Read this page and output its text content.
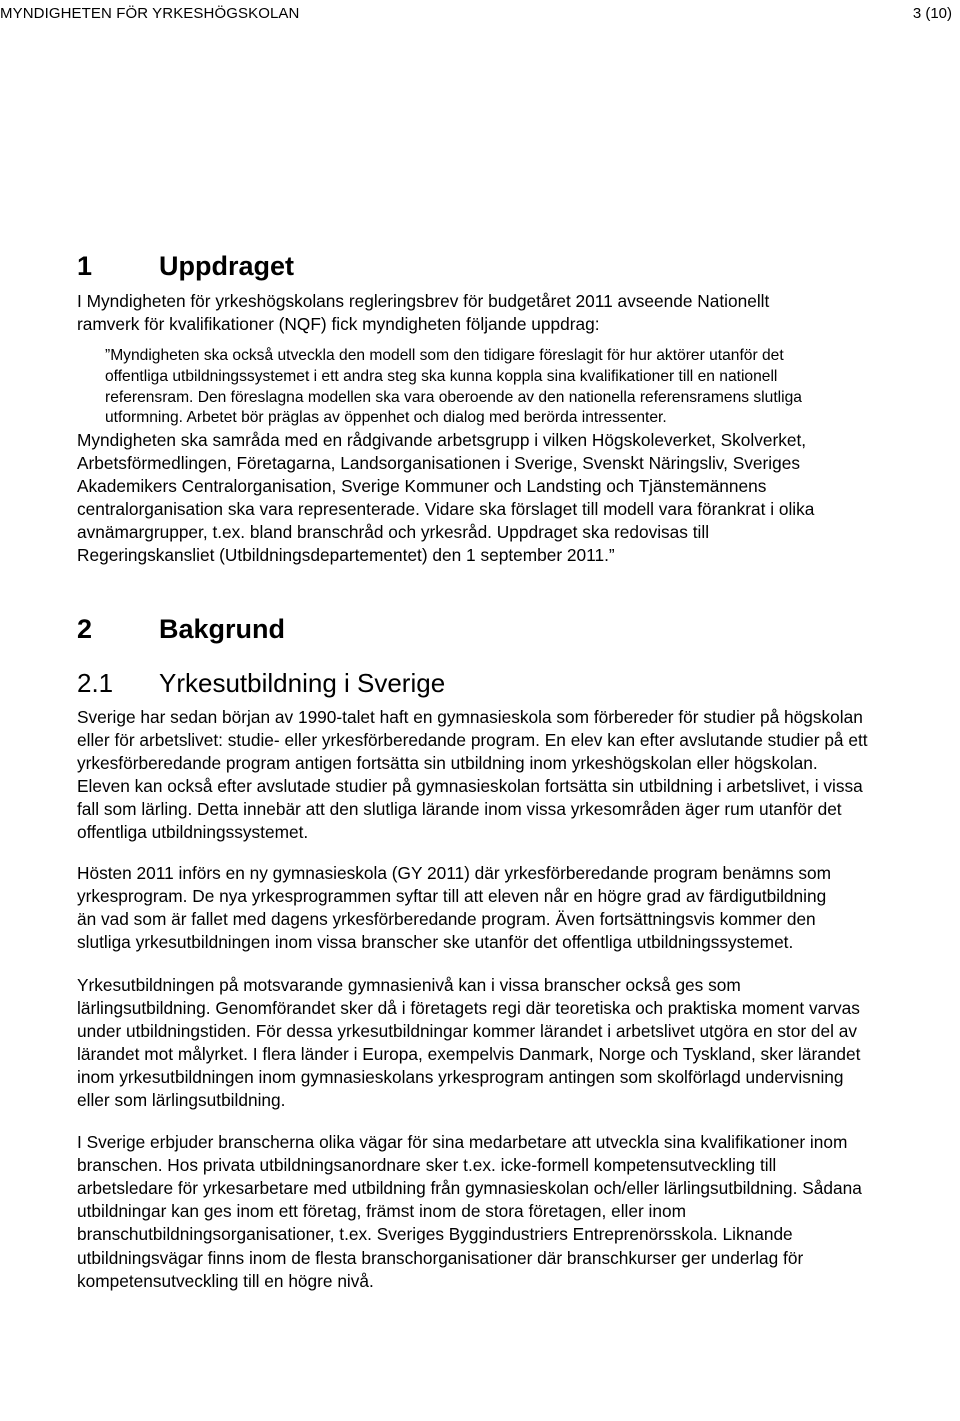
MYNDIGHETEN FÖR YRKESHÖGSKOLAN	3 (10)
1 Uppdraget

I Myndigheten för yrkeshögskolans regleringsbrev för budgetåret 2011 avseende Nationellt ramverk för kvalifikationer (NQF) fick myndigheten följande uppdrag:

”Myndigheten ska också utveckla den modell som den tidigare föreslagit för hur aktörer utanför det offentliga utbildningssystemet i ett andra steg ska kunna koppla sina kvalifikationer till en nationell referensram. Den föreslagna modellen ska vara oberoende av den nationella referensramens slutliga utformning. Arbetet bör präglas av öppenhet och dialog med berörda intressenter.

Myndigheten ska samråda med en rådgivande arbetsgrupp i vilken Högskoleverket, Skolverket, Arbetsförmedlingen, Företagarna, Landsorganisationen i Sverige, Svenskt Näringsliv, Sveriges Akademikers Centralorganisation, Sverige Kommuner och Landsting och Tjänstemännens centralorganisation ska vara representerade. Vidare ska förslaget till modell vara förankrat i olika avnämargrupper, t.ex. bland branschråd och yrkesråd. Uppdraget ska redovisas till Regeringskansliet (Utbildningsdepartementet) den 1 september 2011.”

2 Bakgrund
2.1 Yrkesutbildning i Sverige

Sverige har sedan början av 1990-talet haft en gymnasieskola som förbereder för studier på högskolan eller för arbetslivet: studie- eller yrkesförberedande program. En elev kan efter avslutande studier på ett yrkesförberedande program antigen fortsätta sin utbildning inom yrkeshögskolan eller högskolan. Eleven kan också efter avslutade studier på gymnasieskolan fortsätta sin utbildning i arbetslivet, i vissa fall som lärling. Detta innebär att den slutliga lärande inom vissa yrkesområden äger rum utanför det offentliga utbildningssystemet.

Hösten 2011 införs en ny gymnasieskola (GY 2011) där yrkesförberedande program benämns som yrkesprogram. De nya yrkesprogrammen syftar till att eleven når en högre grad av färdigutbildning än vad som är fallet med dagens yrkesförberedande program. Även fortsättningsvis kommer den slutliga yrkesutbildningen inom vissa branscher ske utanför det offentliga utbildningssystemet.

Yrkesutbildningen på motsvarande gymnasienivå kan i vissa branscher också ges som lärlingsutbildning. Genomförandet sker då i företagets regi där teoretiska och praktiska moment varvas under utbildningstiden. För dessa yrkesutbildningar kommer lärandet i arbetslivet utgöra en stor del av lärandet mot målyrket. I flera länder i Europa, exempelvis Danmark, Norge och Tyskland, sker lärandet inom yrkesutbildningen inom gymnasieskolans yrkesprogram antingen som skolförlagd undervisning eller som lärlingsutbildning.

I Sverige erbjuder branscherna olika vägar för sina medarbetare att utveckla sina kvalifikationer inom branschen. Hos privata utbildningsanordnare sker t.ex. icke-formell kompetensutveckling till arbetsledare för yrkesarbetare med utbildning från gymnasieskolan och/eller lärlingsutbildning. Sådana utbildningar kan ges inom ett företag, främst inom de stora företagen, eller inom branschutbildningsorganisationer, t.ex. Sveriges Byggindustriers Entreprenörsskola. Liknande utbildningsvägar finns inom de flesta branschorganisationer där branschkurser ger underlag för kompetensutveckling till en högre nivå.
